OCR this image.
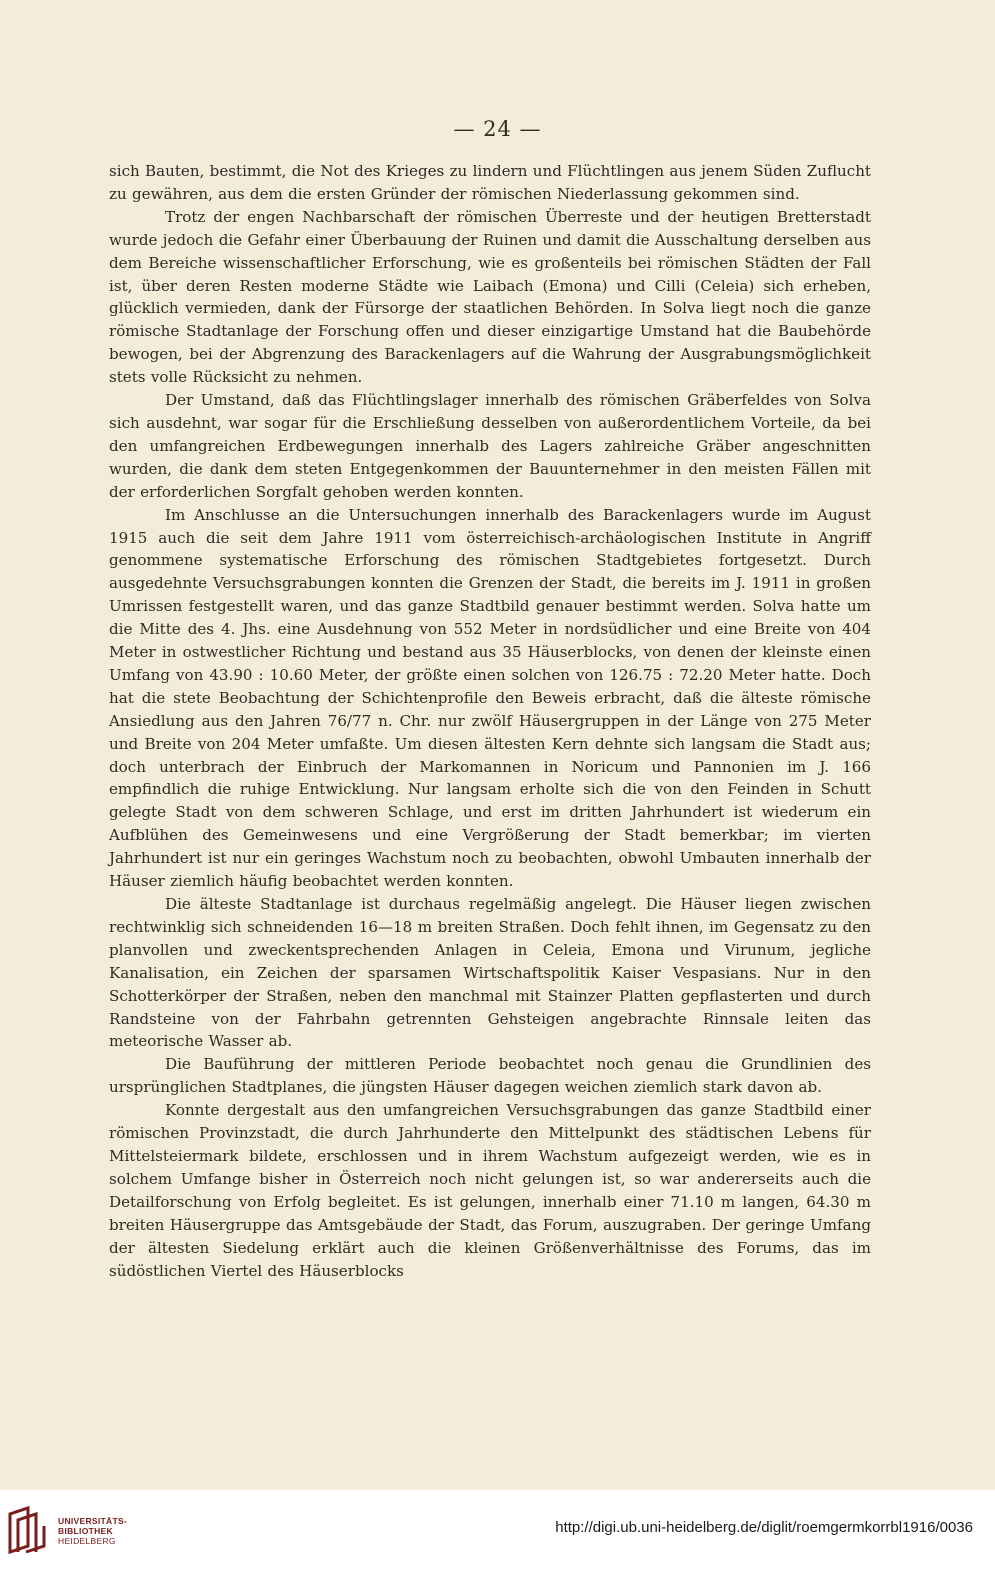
— 24 —

sich Bauten, bestimmt, die Not des Krieges zu lindern und Flüchtlingen aus jenem Süden Zuflucht zu gewähren, aus dem die ersten Gründer der römischen Niederlassung gekommen sind.

Trotz der engen Nachbarschaft der römischen Überreste und der heutigen Bretterstadt wurde jedoch die Gefahr einer Überbauung der Ruinen und damit die Ausschaltung derselben aus dem Bereiche wissenschaftlicher Erforschung, wie es großenteils bei römischen Städten der Fall ist, über deren Resten moderne Städte wie Laibach (Emona) und Cilli (Celeia) sich erheben, glücklich vermieden, dank der Fürsorge der staatlichen Behörden. In Solva liegt noch die ganze römische Stadtanlage der Forschung offen und dieser einzigartige Umstand hat die Baubehörde bewogen, bei der Abgrenzung des Barackenlagers auf die Wahrung der Ausgrabungsmöglichkeit stets volle Rücksicht zu nehmen.

Der Umstand, daß das Flüchtlingslager innerhalb des römischen Gräberfeldes von Solva sich ausdehnt, war sogar für die Erschließung desselben von außerordentlichem Vorteile, da bei den umfangreichen Erdbewegungen innerhalb des Lagers zahlreiche Gräber angeschnitten wurden, die dank dem steten Entgegenkommen der Bauunternehmer in den meisten Fällen mit der erforderlichen Sorgfalt gehoben werden konnten.

Im Anschlusse an die Untersuchungen innerhalb des Barackenlagers wurde im August 1915 auch die seit dem Jahre 1911 vom österreichisch-archäologischen Institute in Angriff genommene systematische Erforschung des römischen Stadtgebietes fortgesetzt. Durch ausgedehnte Versuchsgrabungen konnten die Grenzen der Stadt, die bereits im J. 1911 in großen Umrissen festgestellt waren, und das ganze Stadtbild genauer bestimmt werden. Solva hatte um die Mitte des 4. Jhs. eine Ausdehnung von 552 Meter in nordsüdlicher und eine Breite von 404 Meter in ostwestlicher Richtung und bestand aus 35 Häuserblocks, von denen der kleinste einen Umfang von 43.90 : 10.60 Meter, der größte einen solchen von 126.75 : 72.20 Meter hatte. Doch hat die stete Beobachtung der Schichtenprofile den Beweis erbracht, daß die älteste römische Ansiedlung aus den Jahren 76/77 n. Chr. nur zwölf Häusergruppen in der Länge von 275 Meter und Breite von 204 Meter umfaßte. Um diesen ältesten Kern dehnte sich langsam die Stadt aus; doch unterbrach der Einbruch der Markomannen in Noricum und Pannonien im J. 166 empfindlich die ruhige Entwicklung. Nur langsam erholte sich die von den Feinden in Schutt gelegte Stadt von dem schweren Schlage, und erst im dritten Jahrhundert ist wiederum ein Aufblühen des Gemeinwesens und eine Vergrößerung der Stadt bemerkbar; im vierten Jahrhundert ist nur ein geringes Wachstum noch zu beobachten, obwohl Umbauten innerhalb der Häuser ziemlich häufig beobachtet werden konnten.

Die älteste Stadtanlage ist durchaus regelmäßig angelegt. Die Häuser liegen zwischen rechtwinklig sich schneidenden 16—18 m breiten Straßen. Doch fehlt ihnen, im Gegensatz zu den planvollen und zweckentsprechenden Anlagen in Celeia, Emona und Virunum, jegliche Kanalisation, ein Zeichen der sparsamen Wirtschaftspolitik Kaiser Vespasians. Nur in den Schotterkörper der Straßen, neben den manchmal mit Stainzer Platten gepflasterten und durch Randsteine von der Fahrbahn getrennten Gehsteigen angebrachte Rinnsale leiten das meteorische Wasser ab.

Die Bauführung der mittleren Periode beobachtet noch genau die Grundlinien des ursprünglichen Stadtplanes, die jüngsten Häuser dagegen weichen ziemlich stark davon ab.

Konnte dergestalt aus den umfangreichen Versuchsgrabungen das ganze Stadtbild einer römischen Provinzstadt, die durch Jahrhunderte den Mittelpunkt des städtischen Lebens für Mittelsteiermark bildete, erschlossen und in ihrem Wachstum aufgezeigt werden, wie es in solchem Umfange bisher in Österreich noch nicht gelungen ist, so war andererseits auch die Detailforschung von Erfolg begleitet. Es ist gelungen, innerhalb einer 71.10 m langen, 64.30 m breiten Häusergruppe das Amtsgebäude der Stadt, das Forum, auszugraben. Der geringe Umfang der ältesten Siedelung erklärt auch die kleinen Größenverhältnisse des Forums, das im südöstlichen Viertel des Häuserblocks

UNIVERSITÄTS-
BIBLIOTHEK
HEIDELBERG
http://digi.ub.uni-heidelberg.de/diglit/roemgermkorrbl1916/0036
